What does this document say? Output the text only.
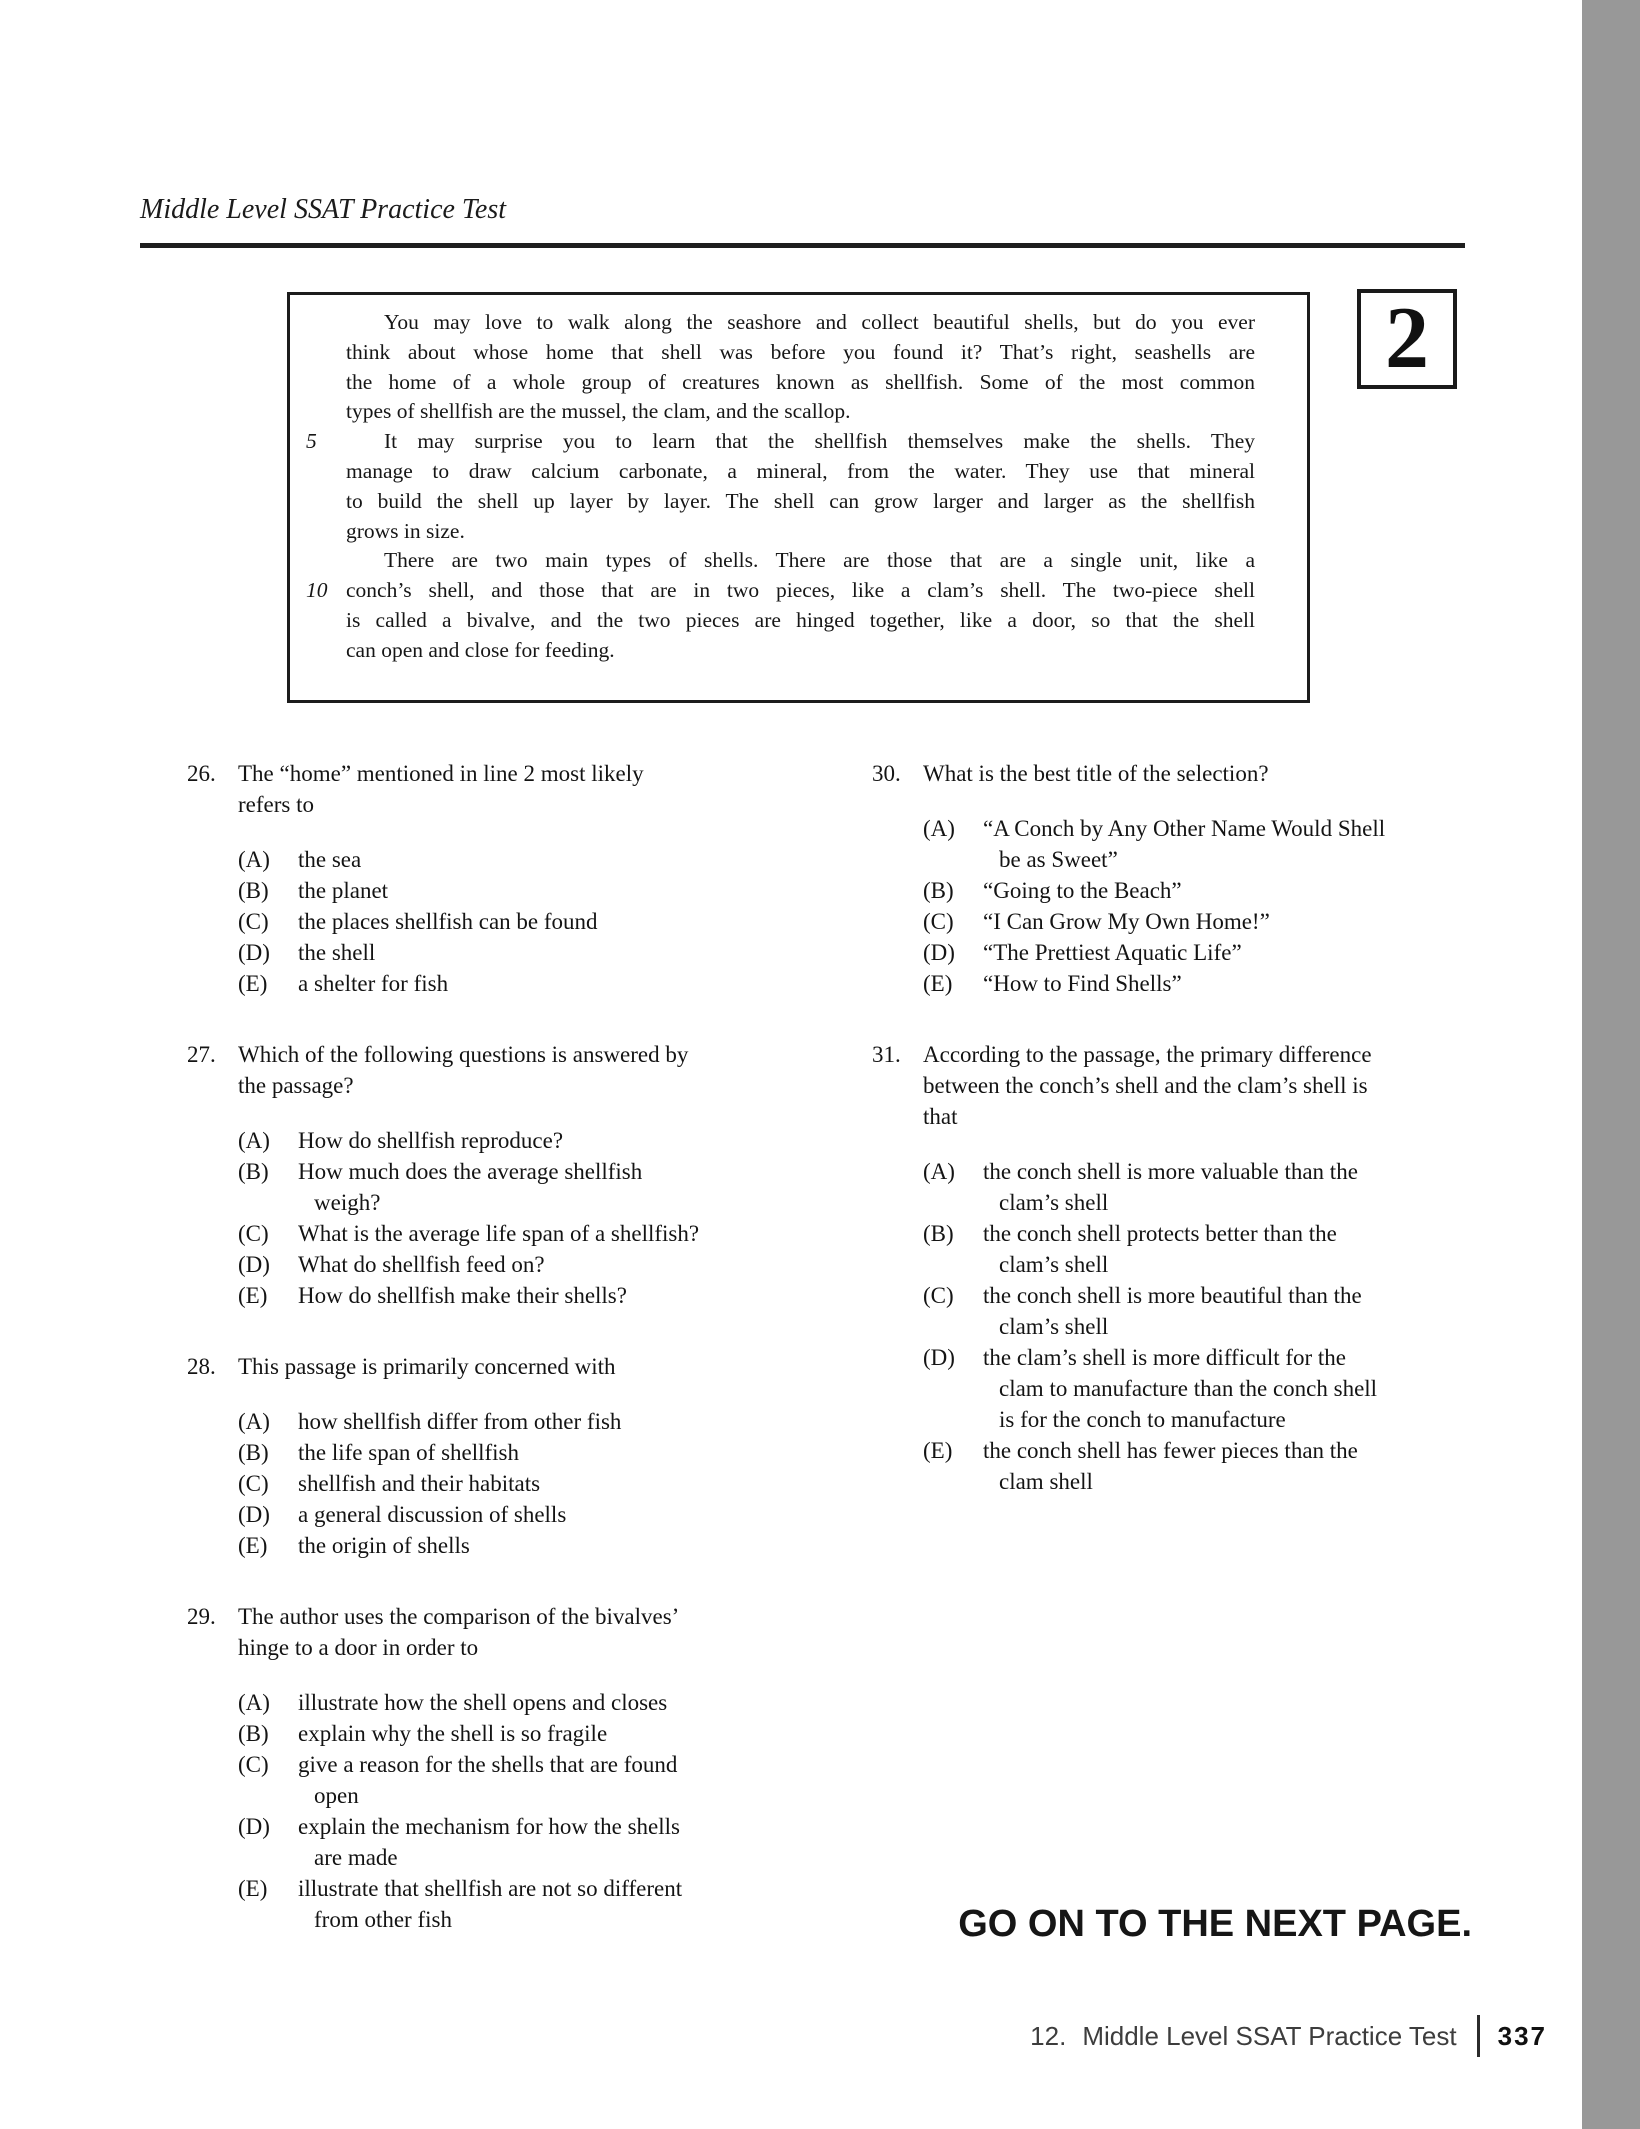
Middle Level SSAT Practice Test
You may love to walk along the seashore and collect beautiful shells, but do you ever
think about whose home that shell was before you found it? That’s right, seashells are
the home of a whole group of creatures known as shellfish. Some of the most common
types of shellfish are the mussel, the clam, and the scallop.
5	It may surprise you to learn that the shellfish themselves make the shells. They
manage to draw calcium carbonate, a mineral, from the water. They use that mineral
to build the shell up layer by layer. The shell can grow larger and larger as the shellfish
grows in size.
There are two main types of shells. There are those that are a single unit, like a
10 conch’s shell, and those that are in two pieces, like a clam’s shell. The two-piece shell
is called a bivalve, and the two pieces are hinged together, like a door, so that the shell
can open and close for feeding.
2
26. The “home” mentioned in line 2 most likely
refers to
(A)	the sea
(B)	the planet
(C)	the places shellfish can be found
(D)	the shell
(E)	a shelter for fish
27. Which of the following questions is answered by
the passage?
(A)	How do shellfish reproduce?
(B)	How much does the average shellfish
weigh?
(C)	What is the average life span of a shellfish?
(D)	What do shellfish feed on?
(E)	How do shellfish make their shells?
28. This passage is primarily concerned with
(A)	how shellfish differ from other fish
(B)	the life span of shellfish
(C)	shellfish and their habitats
(D)	a general discussion of shells
(E)	the origin of shells
29. The author uses the comparison of the bivalves’
hinge to a door in order to
(A)	illustrate how the shell opens and closes
(B)	explain why the shell is so fragile
(C)	give a reason for the shells that are found
open
(D)	explain the mechanism for how the shells
are made
(E)	illustrate that shellfish are not so different
from other fish
30. What is the best title of the selection?
(A)	“A Conch by Any Other Name Would Shell
be as Sweet”
(B)	“Going to the Beach”
(C)	“I Can Grow My Own Home!”
(D)	“The Prettiest Aquatic Life”
(E)	“How to Find Shells”
31. According to the passage, the primary difference
between the conch’s shell and the clam’s shell is
that
(A)	the conch shell is more valuable than the
clam’s shell
(B)	the conch shell protects better than the
clam’s shell
(C)	the conch shell is more beautiful than the
clam’s shell
(D)	the clam’s shell is more difficult for the
clam to manufacture than the conch shell
is for the conch to manufacture
(E)	the conch shell has fewer pieces than the
clam shell
GO ON TO THE NEXT PAGE.
12. Middle Level SSAT Practice Test 337
